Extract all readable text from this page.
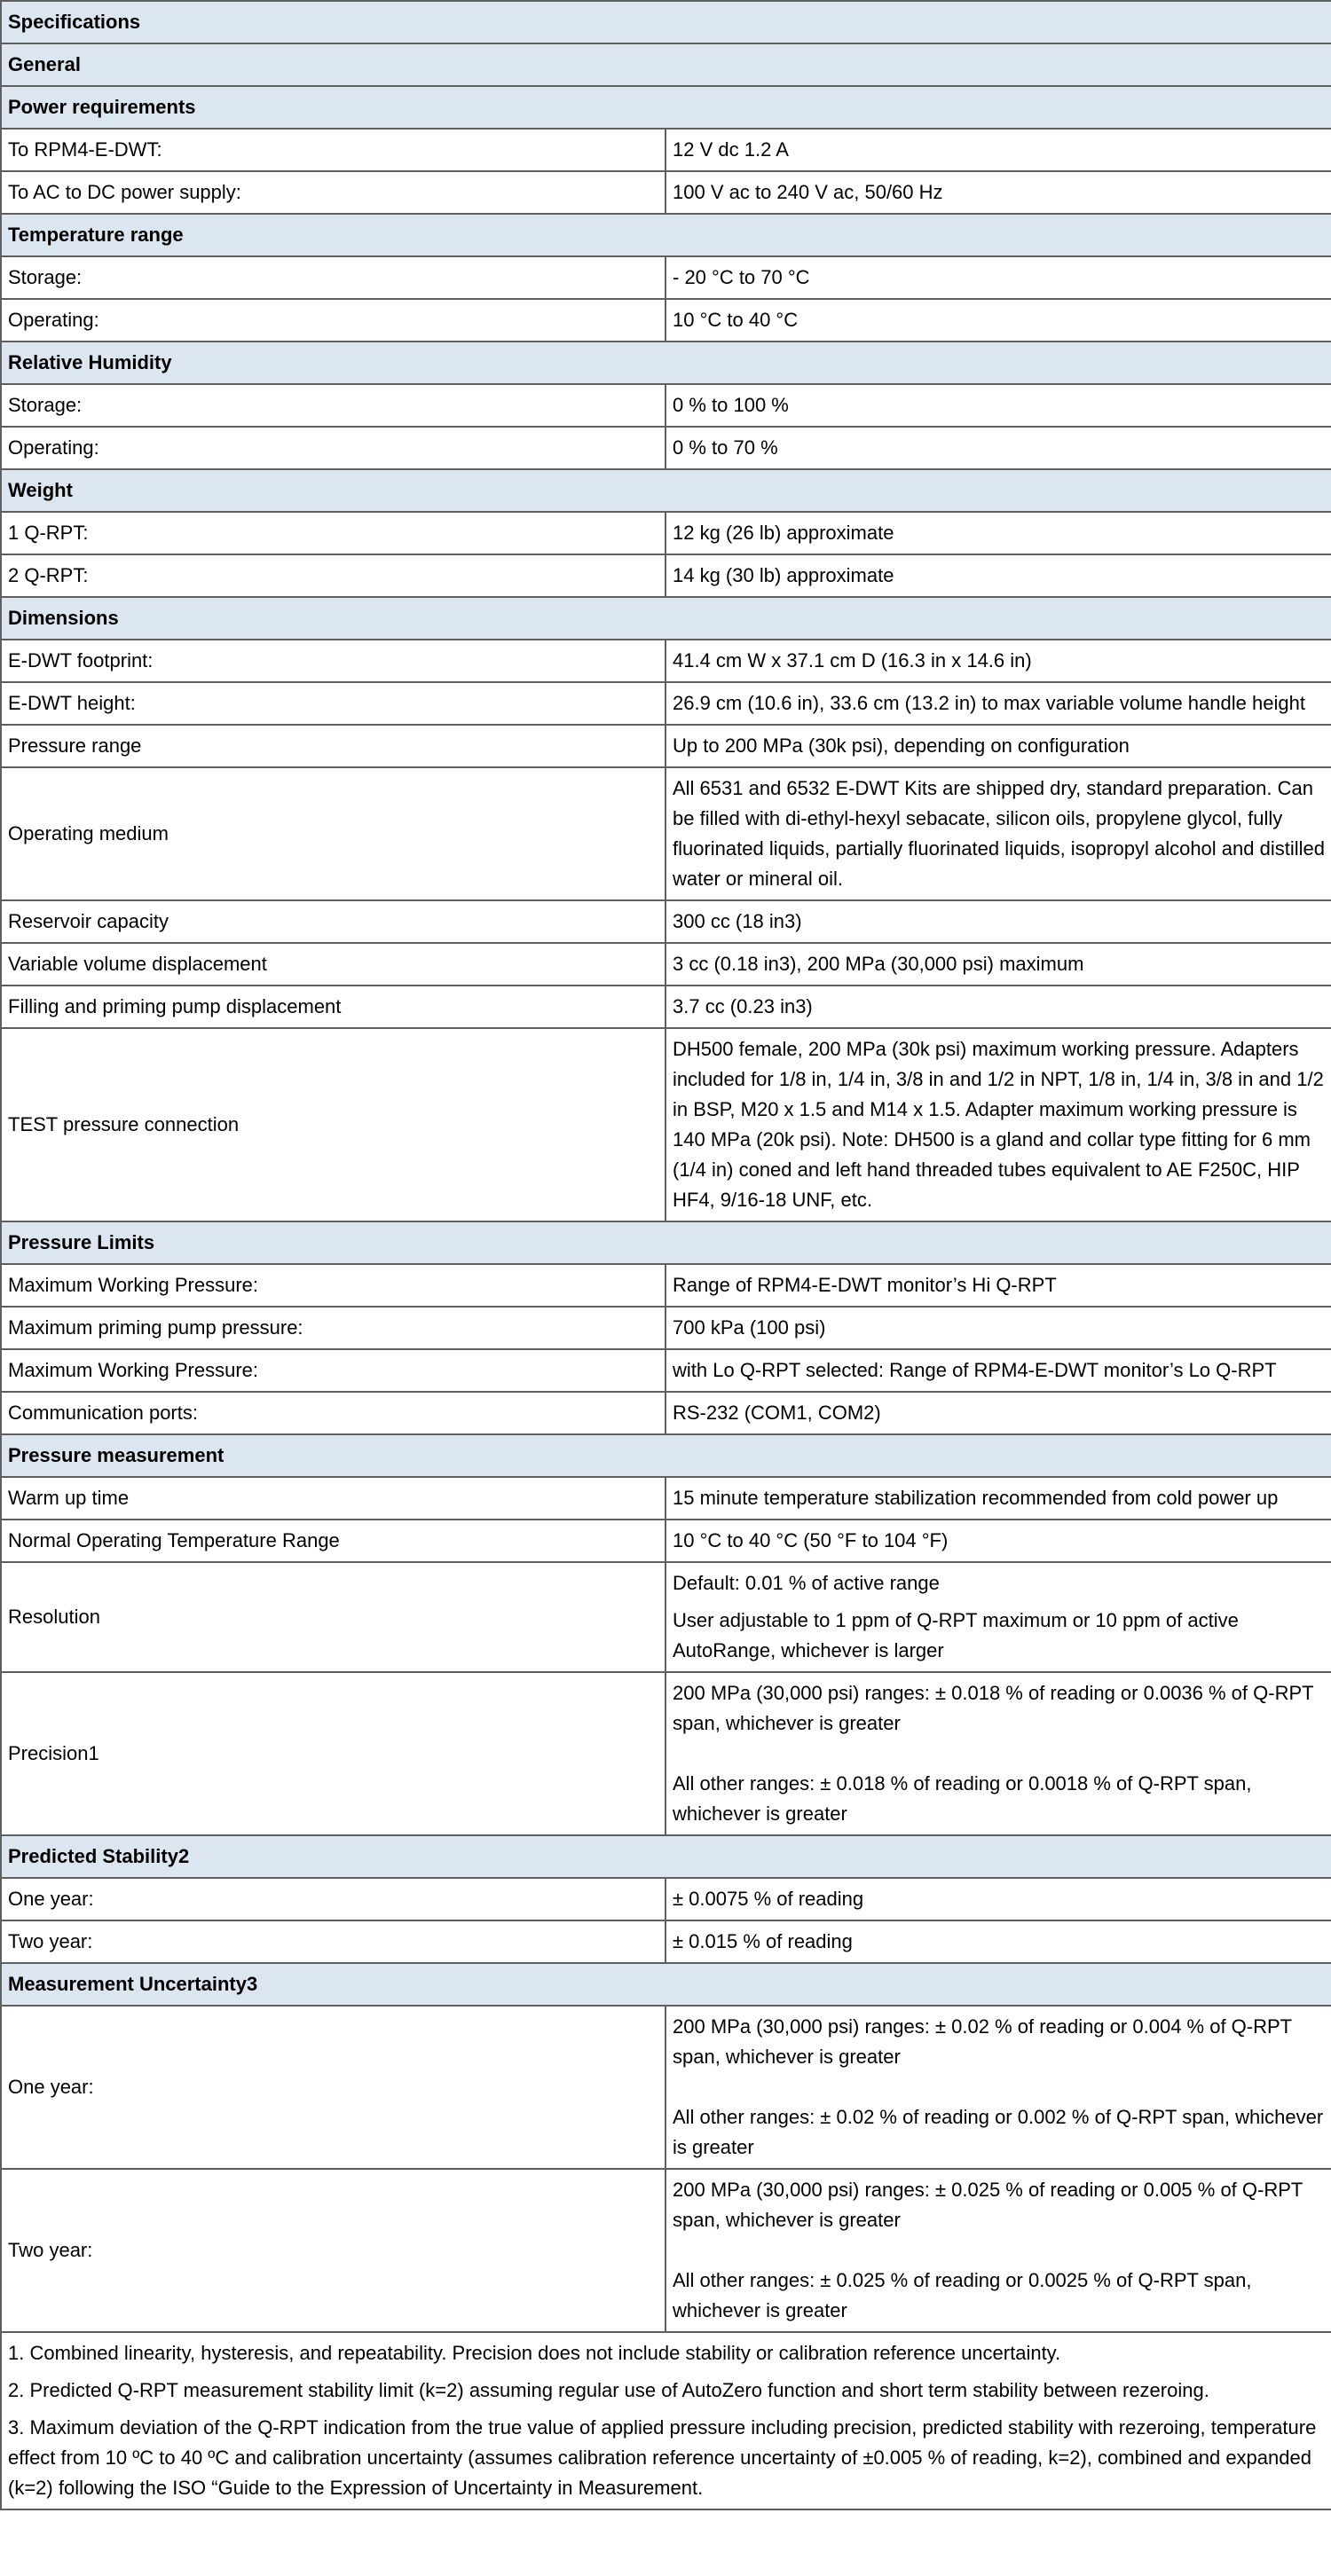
Specifications	
General	
Power requirements	
To RPM4-E-DWT:	12 V dc 1.2 A

To AC to DC power supply:	100 V ac to 240 V ac, 50/60 Hz

Temperature range	
Storage:	- 20 °C to 70 °C

Operating:	10 °C to 40 °C

Relative Humidity	
Storage:	0 % to 100 %

Operating:	0 % to 70 %

Weight	
1 Q-RPT:	12 kg (26 lb) approximate

2 Q-RPT:	14 kg (30 lb) approximate

Dimensions	
E-DWT footprint:	41.4 cm W x 37.1 cm D (16.3 in x 14.6 in)

E-DWT height:	26.9 cm (10.6 in), 33.6 cm (13.2 in) to max variable volume handle height

Pressure range	Up to 200 MPa (30k psi), depending on configuration

Operating medium	All 6531 and 6532 E-DWT Kits are shipped dry, standard preparation. Can be filled with di-ethyl-hexyl sebacate, silicon oils, propylene glycol, fully fluorinated liquids, partially fluorinated liquids, isopropyl alcohol and distilled water or mineral oil.

Reservoir capacity	300 cc (18 in3)

Variable volume displacement	3 cc (0.18 in3), 200 MPa (30,000 psi) maximum

Filling and priming pump displacement	3.7 cc (0.23 in3)

TEST pressure connection	DH500 female, 200 MPa (30k psi) maximum working pressure. Adapters included for 1/8 in, 1/4 in, 3/8 in and 1/2 in NPT, 1/8 in, 1/4 in, 3/8 in and 1/2 in BSP, M20 x 1.5 and M14 x 1.5. Adapter maximum working pressure is 140 MPa (20k psi). Note: DH500 is a gland and collar type fitting for 6 mm (1/4 in) coned and left hand threaded tubes equivalent to AE F250C, HIP HF4, 9/16-18 UNF, etc.

Pressure Limits	
Maximum Working Pressure:	Range of RPM4-E-DWT monitor’s Hi Q-RPT

Maximum priming pump pressure:	700 kPa (100 psi)

Maximum Working Pressure:	with Lo Q-RPT selected: Range of RPM4-E-DWT monitor’s Lo Q-RPT

Communication ports:	RS-232 (COM1, COM2)

Pressure measurement	
Warm up time	15 minute temperature stabilization recommended from cold power up

Normal Operating Temperature Range	10 °C to 40 °C (50 °F to 104 °F)

Resolution	Default: 0.01 % of active range

User adjustable to 1 ppm of Q-RPT maximum or 10 ppm of active AutoRange, whichever is larger

Precision1	200 MPa (30,000 psi) ranges: ± 0.018 % of reading or 0.0036 % of Q-RPT span, whichever is greater

All other ranges: ± 0.018 % of reading or 0.0018 % of Q-RPT span, whichever is greater

Predicted Stability2	
One year:	± 0.0075 % of reading

Two year:	± 0.015 % of reading

Measurement Uncertainty3	
One year:	200 MPa (30,000 psi) ranges: ± 0.02 % of reading or 0.004 % of Q-RPT span, whichever is greater

All other ranges: ± 0.02 % of reading or 0.002 % of Q-RPT span, whichever is greater

Two year:	200 MPa (30,000 psi) ranges: ± 0.025 % of reading or 0.005 % of Q-RPT span, whichever is greater

All other ranges: ± 0.025 % of reading or 0.0025 % of Q-RPT span, whichever is greater

1. Combined linearity, hysteresis, and repeatability. Precision does not include stability or calibration reference uncertainty.

2. Predicted Q-RPT measurement stability limit (k=2) assuming regular use of AutoZero function and short term stability between rezeroing.

3. Maximum deviation of the Q-RPT indication from the true value of applied pressure including precision, predicted stability with rezeroing, temperature effect from 10 ºC to 40 ºC and calibration uncertainty (assumes calibration reference uncertainty of ±0.005 % of reading, k=2), combined and expanded (k=2) following the ISO “Guide to the Expression of Uncertainty in Measurement.	
